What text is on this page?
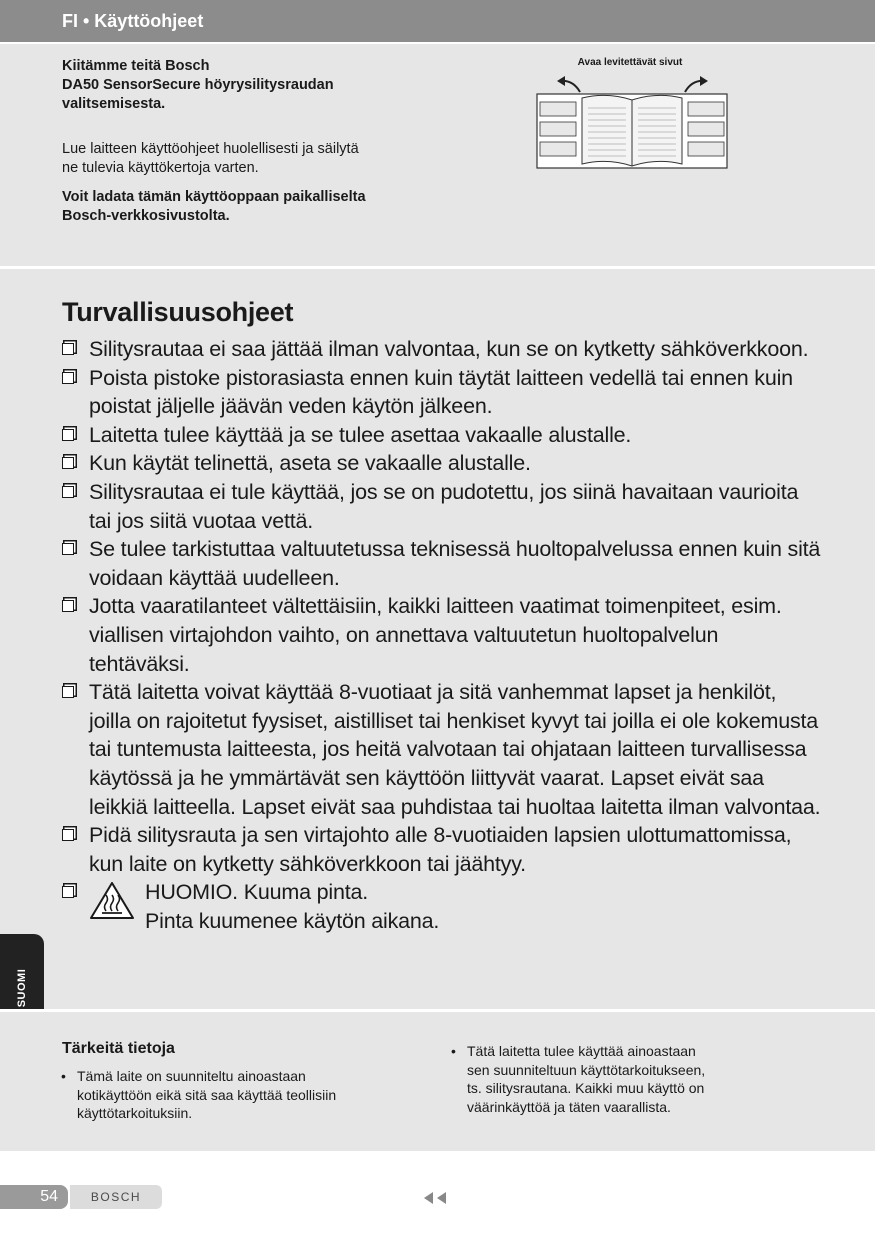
FI • Käyttöohjeet
Kiitämme teitä Bosch
DA50 SensorSecure höyrysilitysraudan
valitsemisesta.
Lue laitteen käyttöohjeet huolellisesti ja säilytä
ne tulevia käyttökertoja varten.
Voit ladata tämän käyttöoppaan paikalliselta
Bosch-verkkosivustolta.
Avaa levitettävät sivut
Turvallisuusohjeet
Silitysrautaa ei saa jättää ilman valvontaa, kun se on kytketty sähköverkkoon.
Poista pistoke pistorasiasta ennen kuin täytät laitteen vedellä tai ennen kuin poistat jäljelle jäävän veden käytön jälkeen.
Laitetta tulee käyttää ja se tulee asettaa vakaalle alustalle.
Kun käytät telinettä, aseta se vakaalle alustalle.
Silitysrautaa ei tule käyttää, jos se on pudotettu, jos siinä havaitaan vaurioita tai jos siitä vuotaa vettä.
Se tulee tarkistuttaa valtuutetussa teknisessä huoltopalvelussa ennen kuin sitä voidaan käyttää uudelleen.
Jotta vaaratilanteet vältettäisiin, kaikki laitteen vaatimat toimenpiteet, esim. viallisen virtajohdon vaihto, on annettava valtuutetun huoltopalvelun tehtäväksi.
Tätä laitetta voivat käyttää 8-vuotiaat ja sitä vanhemmat lapset ja henkilöt, joilla on rajoitetut fyysiset, aistilliset tai henkiset kyvyt tai joilla ei ole kokemusta tai tuntemusta laitteesta, jos heitä valvotaan tai ohjataan laitteen turvallisessa käytössä ja he ymmärtävät sen käyttöön liittyvät vaarat. Lapset eivät saa leikkiä laitteella. Lapset eivät saa puhdistaa tai huoltaa laitetta ilman valvontaa.
Pidä silitysrauta ja sen virtajohto alle 8-vuotiaiden lapsien ulottumattomissa, kun laite on kytketty sähköverkkoon tai jäähtyy.
HUOMIO. Kuuma pinta.
Pinta kuumenee käytön aikana.
SUOMI
Tärkeitä tietoja
• Tämä laite on suunniteltu ainoastaan
kotikäyttöön eikä sitä saa käyttää teollisiin
käyttötarkoituksiin.
• Tätä laitetta tulee käyttää ainoastaan
sen suunniteltuun käyttötarkoitukseen,
ts. silitysrautana. Kaikki muu käyttö on
väärinkäyttöä ja täten vaarallista.
54	BOSCH
